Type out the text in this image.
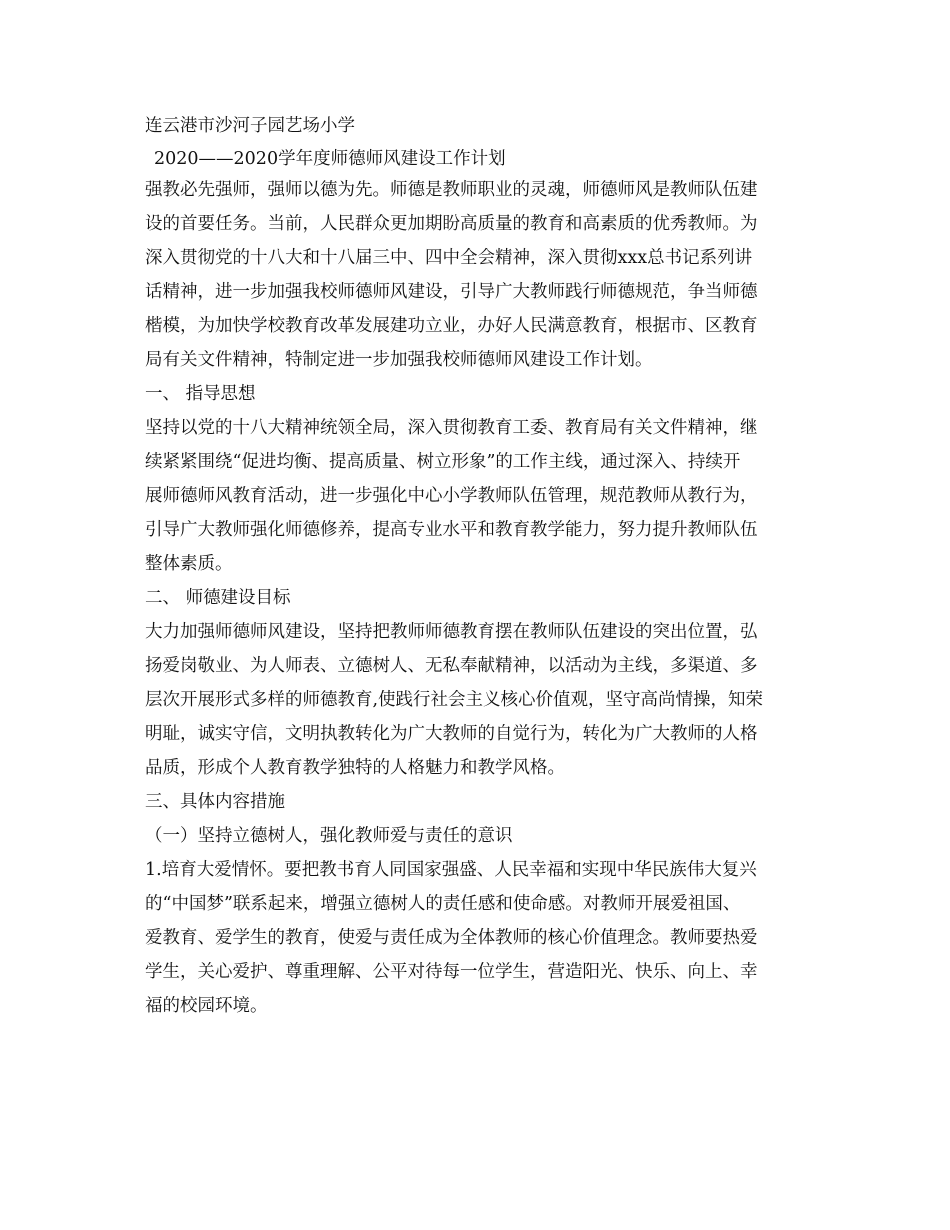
连云港市沙河子园艺场小学
2020——2020学年度师德师风建设工作计划
强教必先强师，强师以德为先。师德是教师职业的灵魂，师德师风是教师队伍建
设的首要任务。当前，人民群众更加期盼高质量的教育和高素质的优秀教师。为
深入贯彻党的十八大和十八届三中、四中全会精神，深入贯彻xxx总书记系列讲
话精神，进一步加强我校师德师风建设，引导广大教师践行师德规范，争当师德
楷模，为加快学校教育改革发展建功立业，办好人民满意教育，根据市、区教育
局有关文件精神，特制定进一步加强我校师德师风建设工作计划。
一、 指导思想
坚持以党的十八大精神统领全局，深入贯彻教育工委、教育局有关文件精神，继
续紧紧围绕“促进均衡、提高质量、树立形象”的工作主线，通过深入、持续开
展师德师风教育活动，进一步强化中心小学教师队伍管理，规范教师从教行为，
引导广大教师强化师德修养，提高专业水平和教育教学能力，努力提升教师队伍
整体素质。
二、 师德建设目标
大力加强师德师风建设，坚持把教师师德教育摆在教师队伍建设的突出位置，弘
扬爱岗敬业、为人师表、立德树人、无私奉献精神，以活动为主线，多渠道、多
层次开展形式多样的师德教育,使践行社会主义核心价值观，坚守高尚情操，知荣
明耻，诚实守信，文明执教转化为广大教师的自觉行为，转化为广大教师的人格
品质，形成个人教育教学独特的人格魅力和教学风格。
三、具体内容措施
（一）坚持立德树人，强化教师爱与责任的意识
1.培育大爱情怀。要把教书育人同国家强盛、人民幸福和实现中华民族伟大复兴
的“中国梦”联系起来，增强立德树人的责任感和使命感。对教师开展爱祖国、
爱教育、爱学生的教育，使爱与责任成为全体教师的核心价值理念。教师要热爱
学生，关心爱护、尊重理解、公平对待每一位学生，营造阳光、快乐、向上、幸
福的校园环境。
